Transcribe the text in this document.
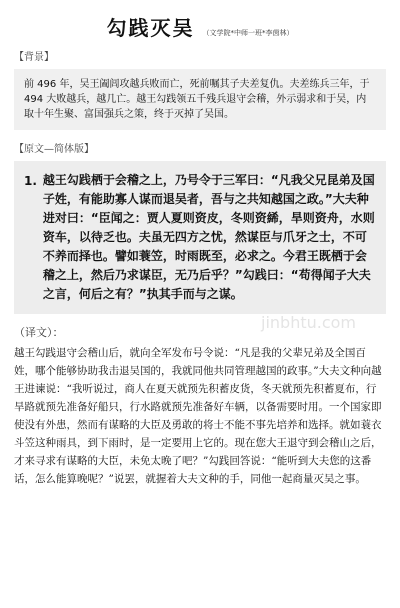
勾践灭吴 （文学院*中师一班*李茵林）
【背景】

前 496 年，吴王阖闾攻越兵败而亡，死前嘱其子夫差复仇。夫差练兵三年，于 494 大败越兵，越几亡。越王勾践领五千残兵退守会稽，外示弱求和于吴，内取十年生聚、富国强兵之策，终于灭掉了吴国。

【原文—简体版】
1. 越王勾践栖于会稽之上，乃号令于三军曰：“凡我父兄昆弟及国子姓，有能助寡人谋而退吴者，吾与之共知越国之政。”大夫种进对曰：“臣闻之：贾人夏则资皮，冬则资絺，旱则资舟，水则资车，以待乏也。夫虽无四方之忧，然谋臣与爪牙之士，不可不养而择也。譬如蓑笠，时雨既至，必求之。今君王既栖于会稽之上，然后乃求谋臣，无乃后乎？”勾践曰：“苟得闻子大夫之言，何后之有？”执其手而与之谋。

jinbhtu.com
（译文）：

越王勾践退守会稽山后，就向全军发布号令说：“凡是我的父辈兄弟及全国百姓，哪个能够协助我击退吴国的，我就同他共同管理越国的政事。”大夫文种向越王进谏说：“我听说过，商人在夏天就预先积蓄皮货，冬天就预先积蓄夏布，行旱路就预先准备好船只，行水路就预先准备好车辆，以备需要时用。一个国家即使没有外患，然而有谋略的大臣及勇敢的将士不能不事先培养和选择。就如蓑衣斗笠这种雨具，到下雨时，是一定要用上它的。现在您大王退守到会稽山之后，才来寻求有谋略的大臣，未免太晚了吧？”勾践回答说：“能听到大夫您的这番话，怎么能算晚呢？”说罢，就握着大夫文种的手，同他一起商量灭吴之事。
